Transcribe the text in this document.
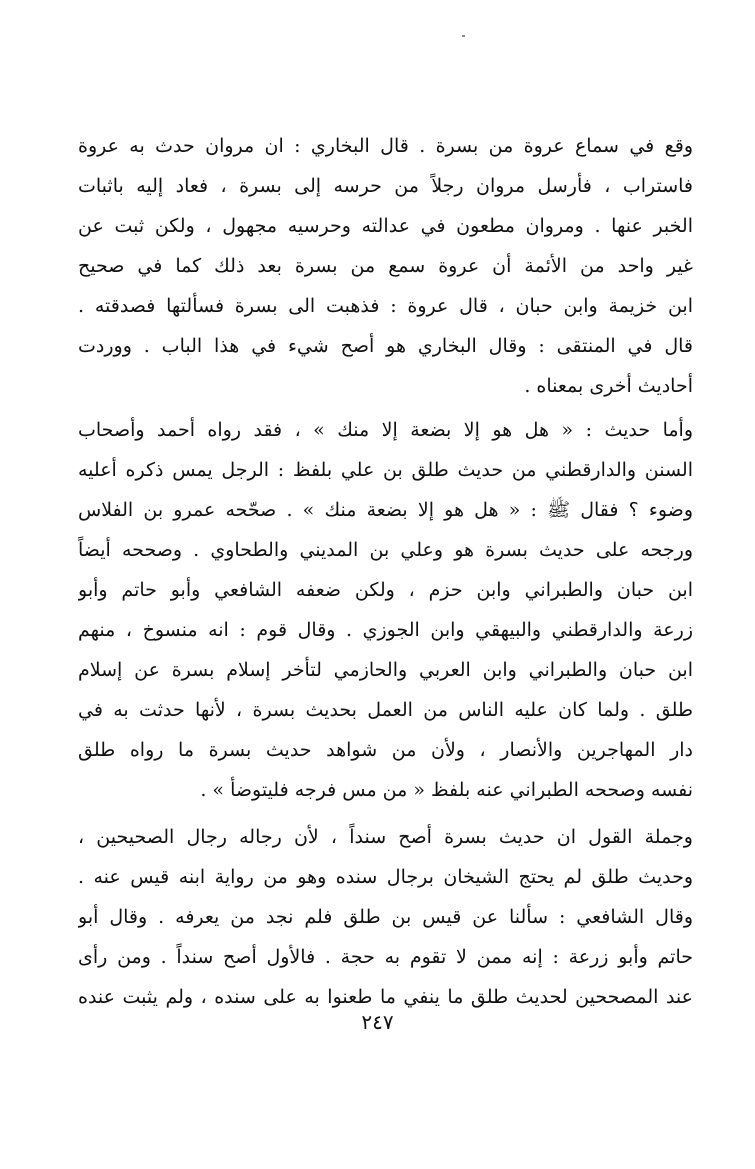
وقع في سماع عروة من بسرة . قال البخاري : ان مروان حدث به عروة
فاستراب ، فأرسل مروان رجلاً من حرسه إلى بسرة ، فعاد إليه باثبات
الخبر عنها . ومروان مطعون في عدالته وحرسيه مجهول ، ولكن ثبت عن
غير واحد من الأئمة أن عروة سمع من بسرة بعد ذلك كما في صحيح
ابن خزيمة وابن حبان ، قال عروة : فذهبت الى بسرة فسألتها فصدقته .
قال في المنتقى : وقال البخاري هو أصح شيء في هذا الباب . ووردت
أحاديث أخرى بمعناه .
وأما حديث : « هل هو إلا بضعة إلا منك » ، فقد رواه أحمد وأصحاب
السنن والدارقطني من حديث طلق بن علي بلفظ : الرجل يمس ذكره أعليه
وضوء ؟ فقال ﷺ : « هل هو إلا بضعة منك » . صحّحه عمرو بن الفلاس
ورجحه على حديث بسرة هو وعلي بن المديني والطحاوي . وصححه أيضاً
ابن حبان والطبراني وابن حزم ، ولكن ضعفه الشافعي وأبو حاتم وأبو
زرعة والدارقطني والبيهقي وابن الجوزي . وقال قوم : انه منسوخ ، منهم
ابن حبان والطبراني وابن العربي والحازمي لتأخر إسلام بسرة عن إسلام
طلق . ولما كان عليه الناس من العمل بحديث بسرة ، لأنها حدثت به في
دار المهاجرين والأنصار ، ولأن من شواهد حديث بسرة ما رواه طلق
نفسه وصححه الطبراني عنه بلفظ « من مس فرجه فليتوضأ » .
وجملة القول ان حديث بسرة أصح سنداً ، لأن رجاله رجال الصحيحين ،
وحديث طلق لم يحتج الشيخان برجال سنده وهو من رواية ابنه قيس عنه .
وقال الشافعي : سألنا عن قيس بن طلق فلم نجد من يعرفه . وقال أبو
حاتم وأبو زرعة : إنه ممن لا تقوم به حجة . فالأول أصح سنداً . ومن رأى
عند المصححين لحديث طلق ما ينفي ما طعنوا به على سنده ، ولم يثبت عنده
٢٤٧
